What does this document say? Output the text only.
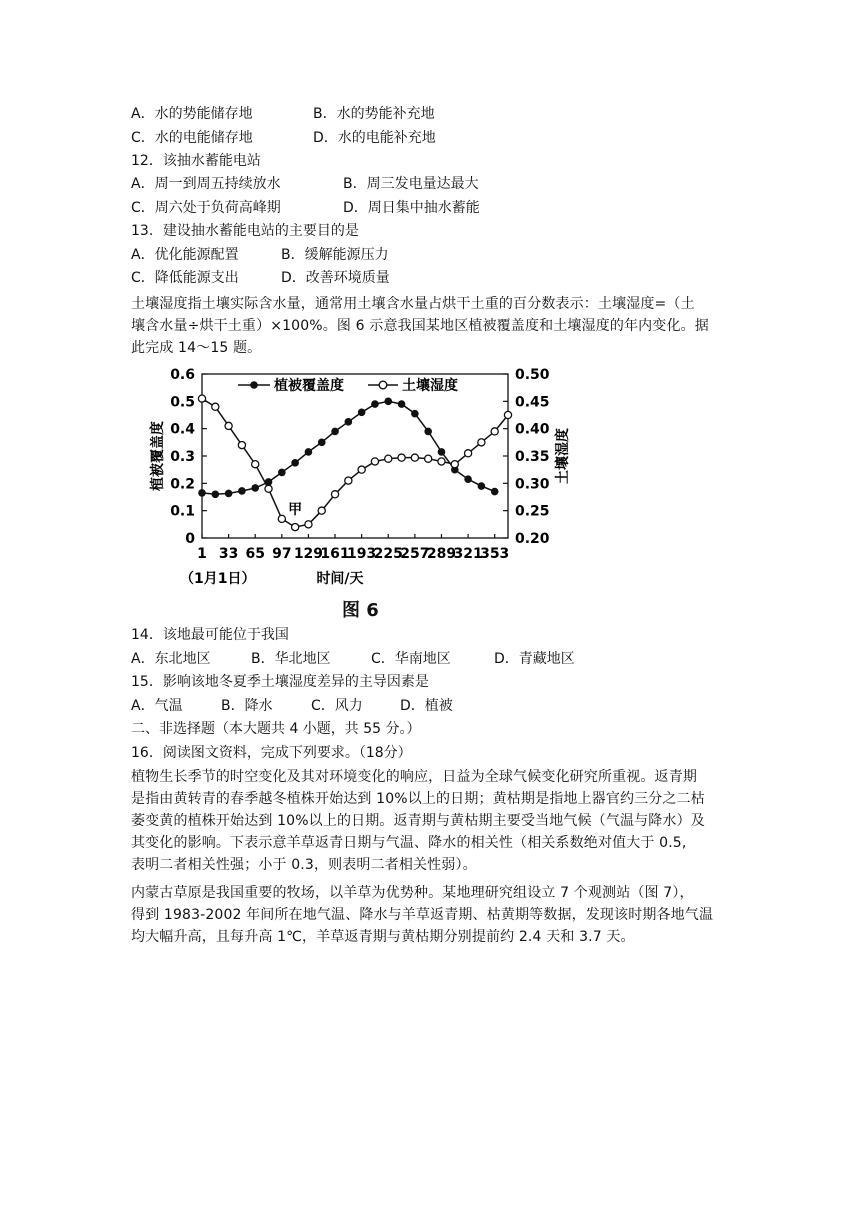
A．水的势能储存地	B．水的势能补充地
C．水的电能储存地	D．水的电能补充地
12．该抽水蓄能电站
A．周一到周五持续放水	B．周三发电量达最大
C．周六处于负荷高峰期	D．周日集中抽水蓄能
13．建设抽水蓄能电站的主要目的是
A．优化能源配置	B．缓解能源压力
C．降低能源支出	D．改善环境质量
土壤湿度指土壤实际含水量，通常用土壤含水量占烘干土重的百分数表示：土壤湿度=（土
壤含水量÷烘干土重）×100%。图 6 示意我国某地区植被覆盖度和土壤湿度的年内变化。据
此完成 14～15 题。
0
0.1
0.2
0.3
0.4
0.5
0.6
0.20
0.25
0.30
0.35
0.40
0.45
0.50
1 33 65 97 129
161
193
225
257
289
321
353
植被覆盖度	土壤湿度
植被覆盖度	土壤湿度
时间/天
（1月1日）
甲
图 6
14．该地最可能位于我国
A．东北地区	B．华北地区	C．华南地区	D．青藏地区
15．影响该地冬夏季土壤湿度差异的主导因素是
A．气温	B．降水	C．风力	D．植被
二、非选择题（本大题共 4 小题，共 55 分。）
16．阅读图文资料，完成下列要求。（18分）
植物生长季节的时空变化及其对环境变化的响应，日益为全球气候变化研究所重视。返青期
是指由黄转青的春季越冬植株开始达到 10%以上的日期；黄枯期是指地上器官约三分之二枯
萎变黄的植株开始达到 10%以上的日期。返青期与黄枯期主要受当地气候（气温与降水）及
其变化的影响。下表示意羊草返青日期与气温、降水的相关性（相关系数绝对值大于 0.5,
表明二者相关性强；小于 0.3，则表明二者相关性弱）。
内蒙古草原是我国重要的牧场，以羊草为优势种。某地理研究组设立 7 个观测站（图 7），
得到 1983-2002 年间所在地气温、降水与羊草返青期、枯黄期等数据，发现该时期各地气温
均大幅升高，且每升高 1℃，羊草返青期与黄枯期分别提前约 2.4 天和 3.7 天。
